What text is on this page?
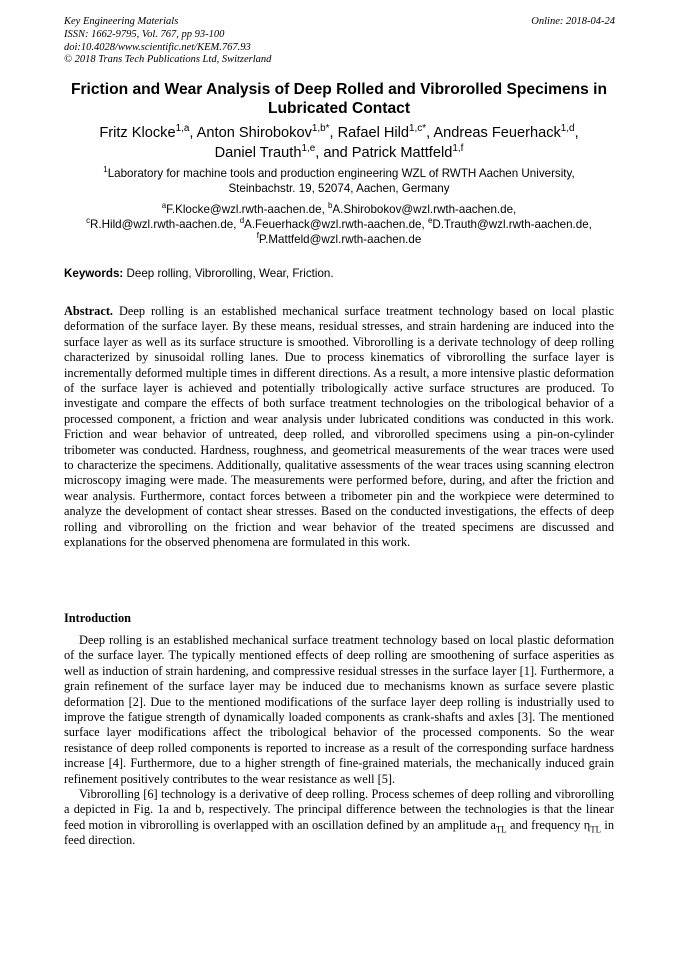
Key Engineering Materials
ISSN: 1662-9795, Vol. 767, pp 93-100
doi:10.4028/www.scientific.net/KEM.767.93
© 2018 Trans Tech Publications Ltd, Switzerland
Online: 2018-04-24
Friction and Wear Analysis of Deep Rolled and Vibrorolled Specimens in Lubricated Contact
Fritz Klocke$^{1,a}$, Anton Shirobokov$^{1,b*}$, Rafael Hild$^{1,c*}$, Andreas Feuerhack$^{1,d}$,
Daniel Trauth$^{1,e}$, and Patrick Mattfeld$^{1,f}$
$^1$Laboratory for machine tools and production engineering WZL of RWTH Aachen University,
Steinbachstr. 19, 52074, Aachen, Germany
$^a$F.Klocke@wzl.rwth-aachen.de, $^b$A.Shirobokov@wzl.rwth-aachen.de,
$^c$R.Hild@wzl.rwth-aachen.de, $^d$A.Feuerhack@wzl.rwth-aachen.de, $^e$D.Trauth@wzl.rwth-aachen.de,
$^f$P.Mattfeld@wzl.rwth-aachen.de
Keywords: Deep rolling, Vibrorolling, Wear, Friction.
Abstract. Deep rolling is an established mechanical surface treatment technology based on local plastic deformation of the surface layer. By these means, residual stresses, and strain hardening are induced into the surface layer as well as its surface structure is smoothed. Vibrorolling is a derivate technology of deep rolling characterized by sinusoidal rolling lanes. Due to process kinematics of vibrorolling the surface layer is incrementally deformed multiple times in different directions. As a result, a more intensive plastic deformation of the surface layer is achieved and potentially tribologically active surface structures are produced. To investigate and compare the effects of both surface treatment technologies on the tribological behavior of a processed component, a friction and wear analysis under lubricated conditions was conducted in this work. Friction and wear behavior of untreated, deep rolled, and vibrorolled specimens using a pin-on-cylinder tribometer was conducted. Hardness, roughness, and geometrical measurements of the wear traces were used to characterize the specimens. Additionally, qualitative assessments of the wear traces using scanning electron microscopy imaging were made. The measurements were performed before, during, and after the friction and wear analysis. Furthermore, contact forces between a tribometer pin and the workpiece were determined to analyze the development of contact shear stresses. Based on the conducted investigations, the effects of deep rolling and vibrorolling on the friction and wear behavior of the treated specimens are discussed and explanations for the observed phenomena are formulated in this work.
Introduction

Deep rolling is an established mechanical surface treatment technology based on local plastic deformation of the surface layer. The typically mentioned effects of deep rolling are smoothening of surface asperities as well as induction of strain hardening, and compressive residual stresses in the surface layer [1]. Furthermore, a grain refinement of the surface layer may be induced due to mechanisms known as surface severe plastic deformation [2]. Due to the mentioned modifications of the surface layer deep rolling is industrially used to improve the fatigue strength of dynamically loaded components as crank-shafts and axles [3]. The mentioned surface layer modifications affect the tribological behavior of the processed components. So the wear resistance of deep rolled components is reported to increase as a result of the corresponding surface hardness increase [4]. Furthermore, due to a higher strength of fine-grained materials, the mechanically induced grain refinement positively contributes to the wear resistance as well [5].

Vibrorolling [6] technology is a derivative of deep rolling. Process schemes of deep rolling and vibrorolling a depicted in Fig. 1a and b, respectively. The principal difference between the technologies is that the linear feed motion in vibrorolling is overlapped with an oscillation defined by an amplitude $a_{TL}$ and frequency $\eta_{TL}$ in feed direction.
